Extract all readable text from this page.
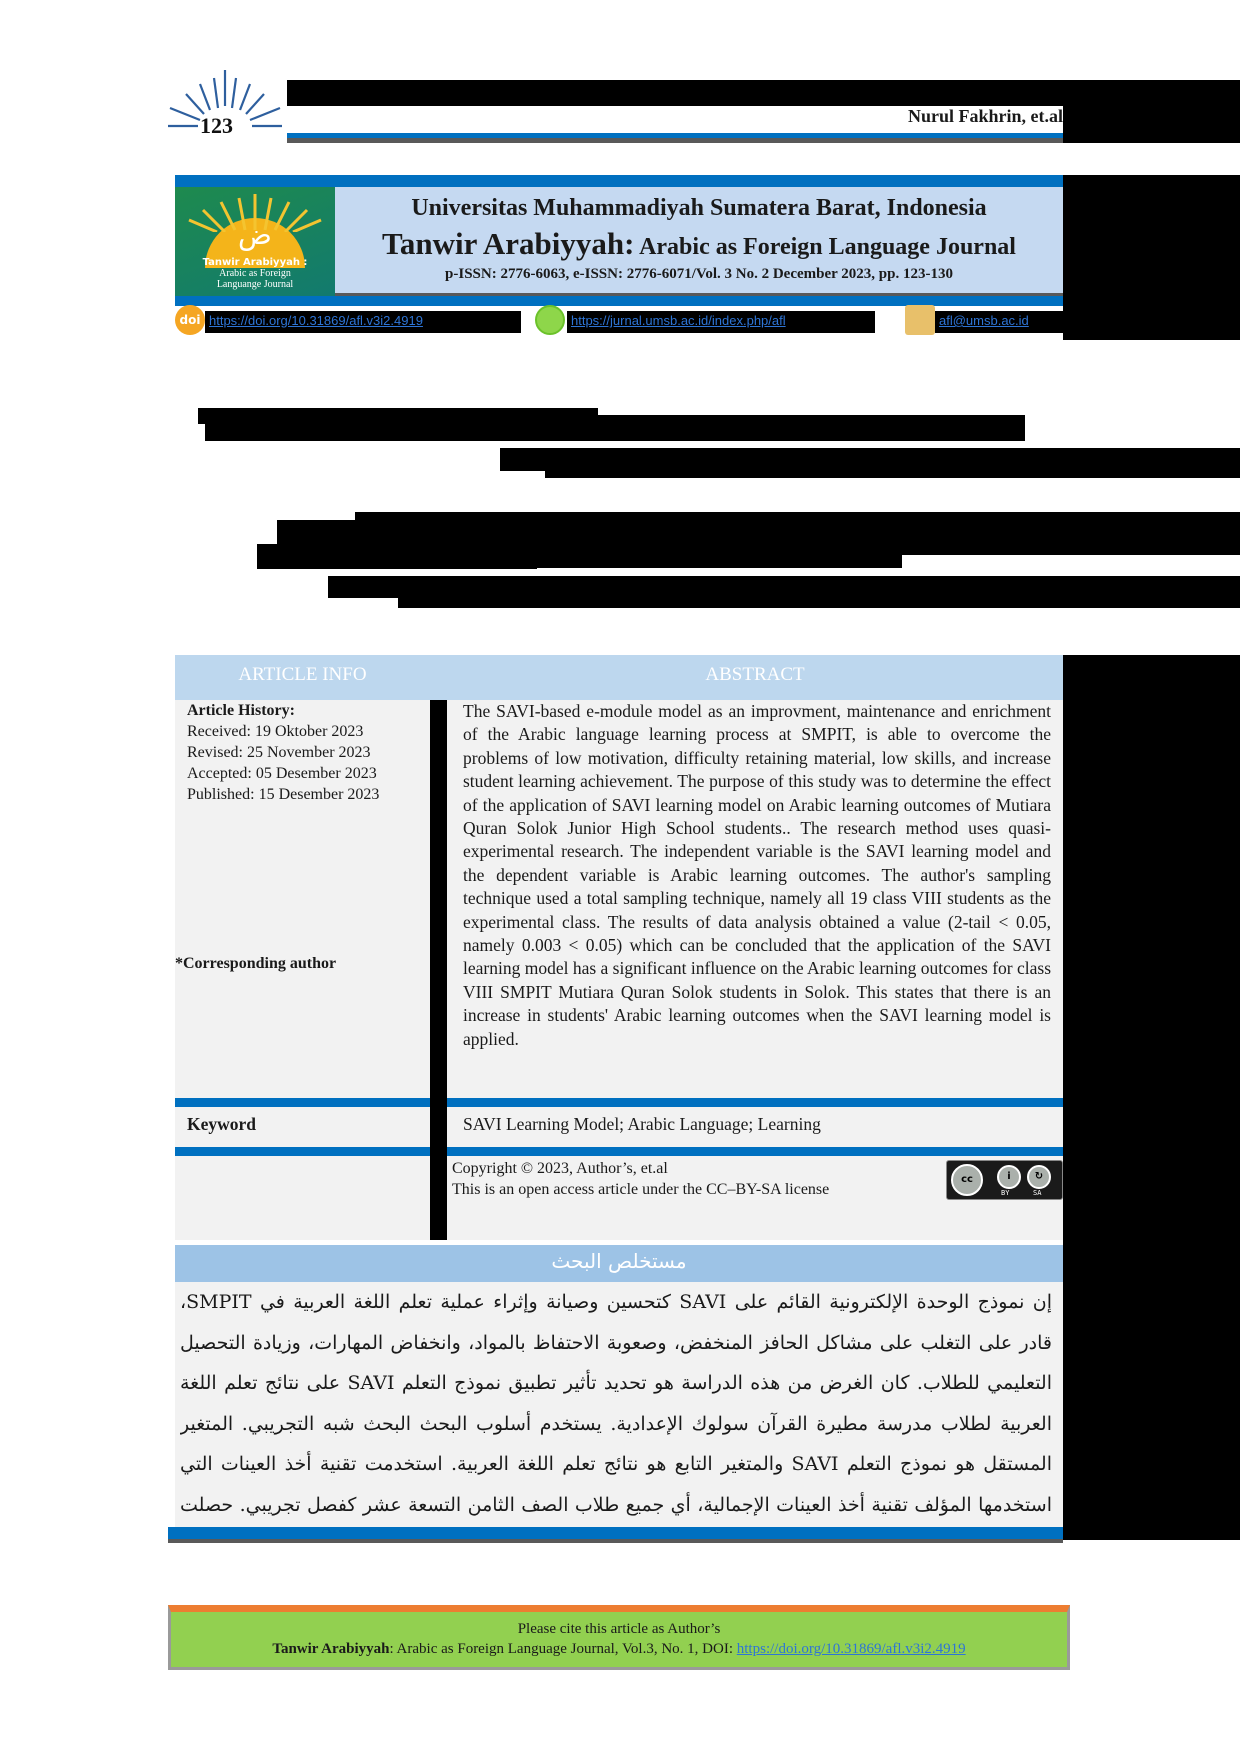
123	Nurul Fakhrin, et.al
ض
Tanwir Arabiyyah :
Arabic as Foreign
Languange Journal
Universitas Muhammadiyah Sumatera Barat, Indonesia
Tanwir Arabiyyah: Arabic as Foreign Language Journal
p-ISSN: 2776-6063, e-ISSN: 2776-6071/Vol. 3 No. 2 December 2023, pp. 123-130
doi https://doi.org/10.31869/afl.v3i2.4919	https://jurnal.umsb.ac.id/index.php/afl	afl@umsb.ac.id
ARTICLE INFO	ABSTRACT
Article History:
Received: 19 Oktober 2023
Revised: 25 November 2023
Accepted: 05 Desember 2023
Published: 15 Desember 2023
*Corresponding author
The SAVI-based e-module model as an improvment, maintenance and enrichment of the Arabic language learning process at SMPIT, is able to overcome the problems of low motivation, difficulty retaining material, low skills, and increase student learning achievement. The purpose of this study was to determine the effect of the application of SAVI learning model on Arabic learning outcomes of Mutiara Quran Solok Junior High School students.. The research method uses quasi-experimental research. The independent variable is the SAVI learning model and the dependent variable is Arabic learning outcomes. The author's sampling technique used a total sampling technique, namely all 19 class VIII students as the experimental class. The results of data analysis obtained a value (2-tail < 0.05, namely 0.003 < 0.05) which can be concluded that the application of the SAVI learning model has a significant influence on the Arabic learning outcomes for class VIII SMPIT Mutiara Quran Solok students in Solok. This states that there is an increase in students' Arabic learning outcomes when the SAVI learning model is applied.
Keyword	SAVI Learning Model; Arabic Language; Learning
Copyright © 2023, Author’s, et.al
This is an open access article under the CC–BY-SA license
cc	i	↻
BY	SA
مستخلص البحث
إن نموذج الوحدة الإلكترونية القائم على SAVI كتحسين وصيانة وإثراء عملية تعلم اللغة العربية في SMPIT، قادر على التغلب على مشاكل الحافز المنخفض، وصعوبة الاحتفاظ بالمواد، وانخفاض المهارات، وزيادة التحصيل التعليمي للطلاب. كان الغرض من هذه الدراسة هو تحديد تأثير تطبيق نموذج التعلم SAVI على نتائج تعلم اللغة العربية لطلاب مدرسة مطيرة القرآن سولوك الإعدادية. يستخدم أسلوب البحث البحث شبه التجريبي. المتغير المستقل هو نموذج التعلم SAVI والمتغير التابع هو نتائج تعلم اللغة العربية. استخدمت تقنية أخذ العينات التي استخدمها المؤلف تقنية أخذ العينات الإجمالية، أي جميع طلاب الصف الثامن التسعة عشر كفصل تجريبي. حصلت
Please cite this article as Author’s
Tanwir Arabiyyah: Arabic as Foreign Language Journal, Vol.3, No. 1, DOI: https://doi.org/10.31869/afl.v3i2.4919
